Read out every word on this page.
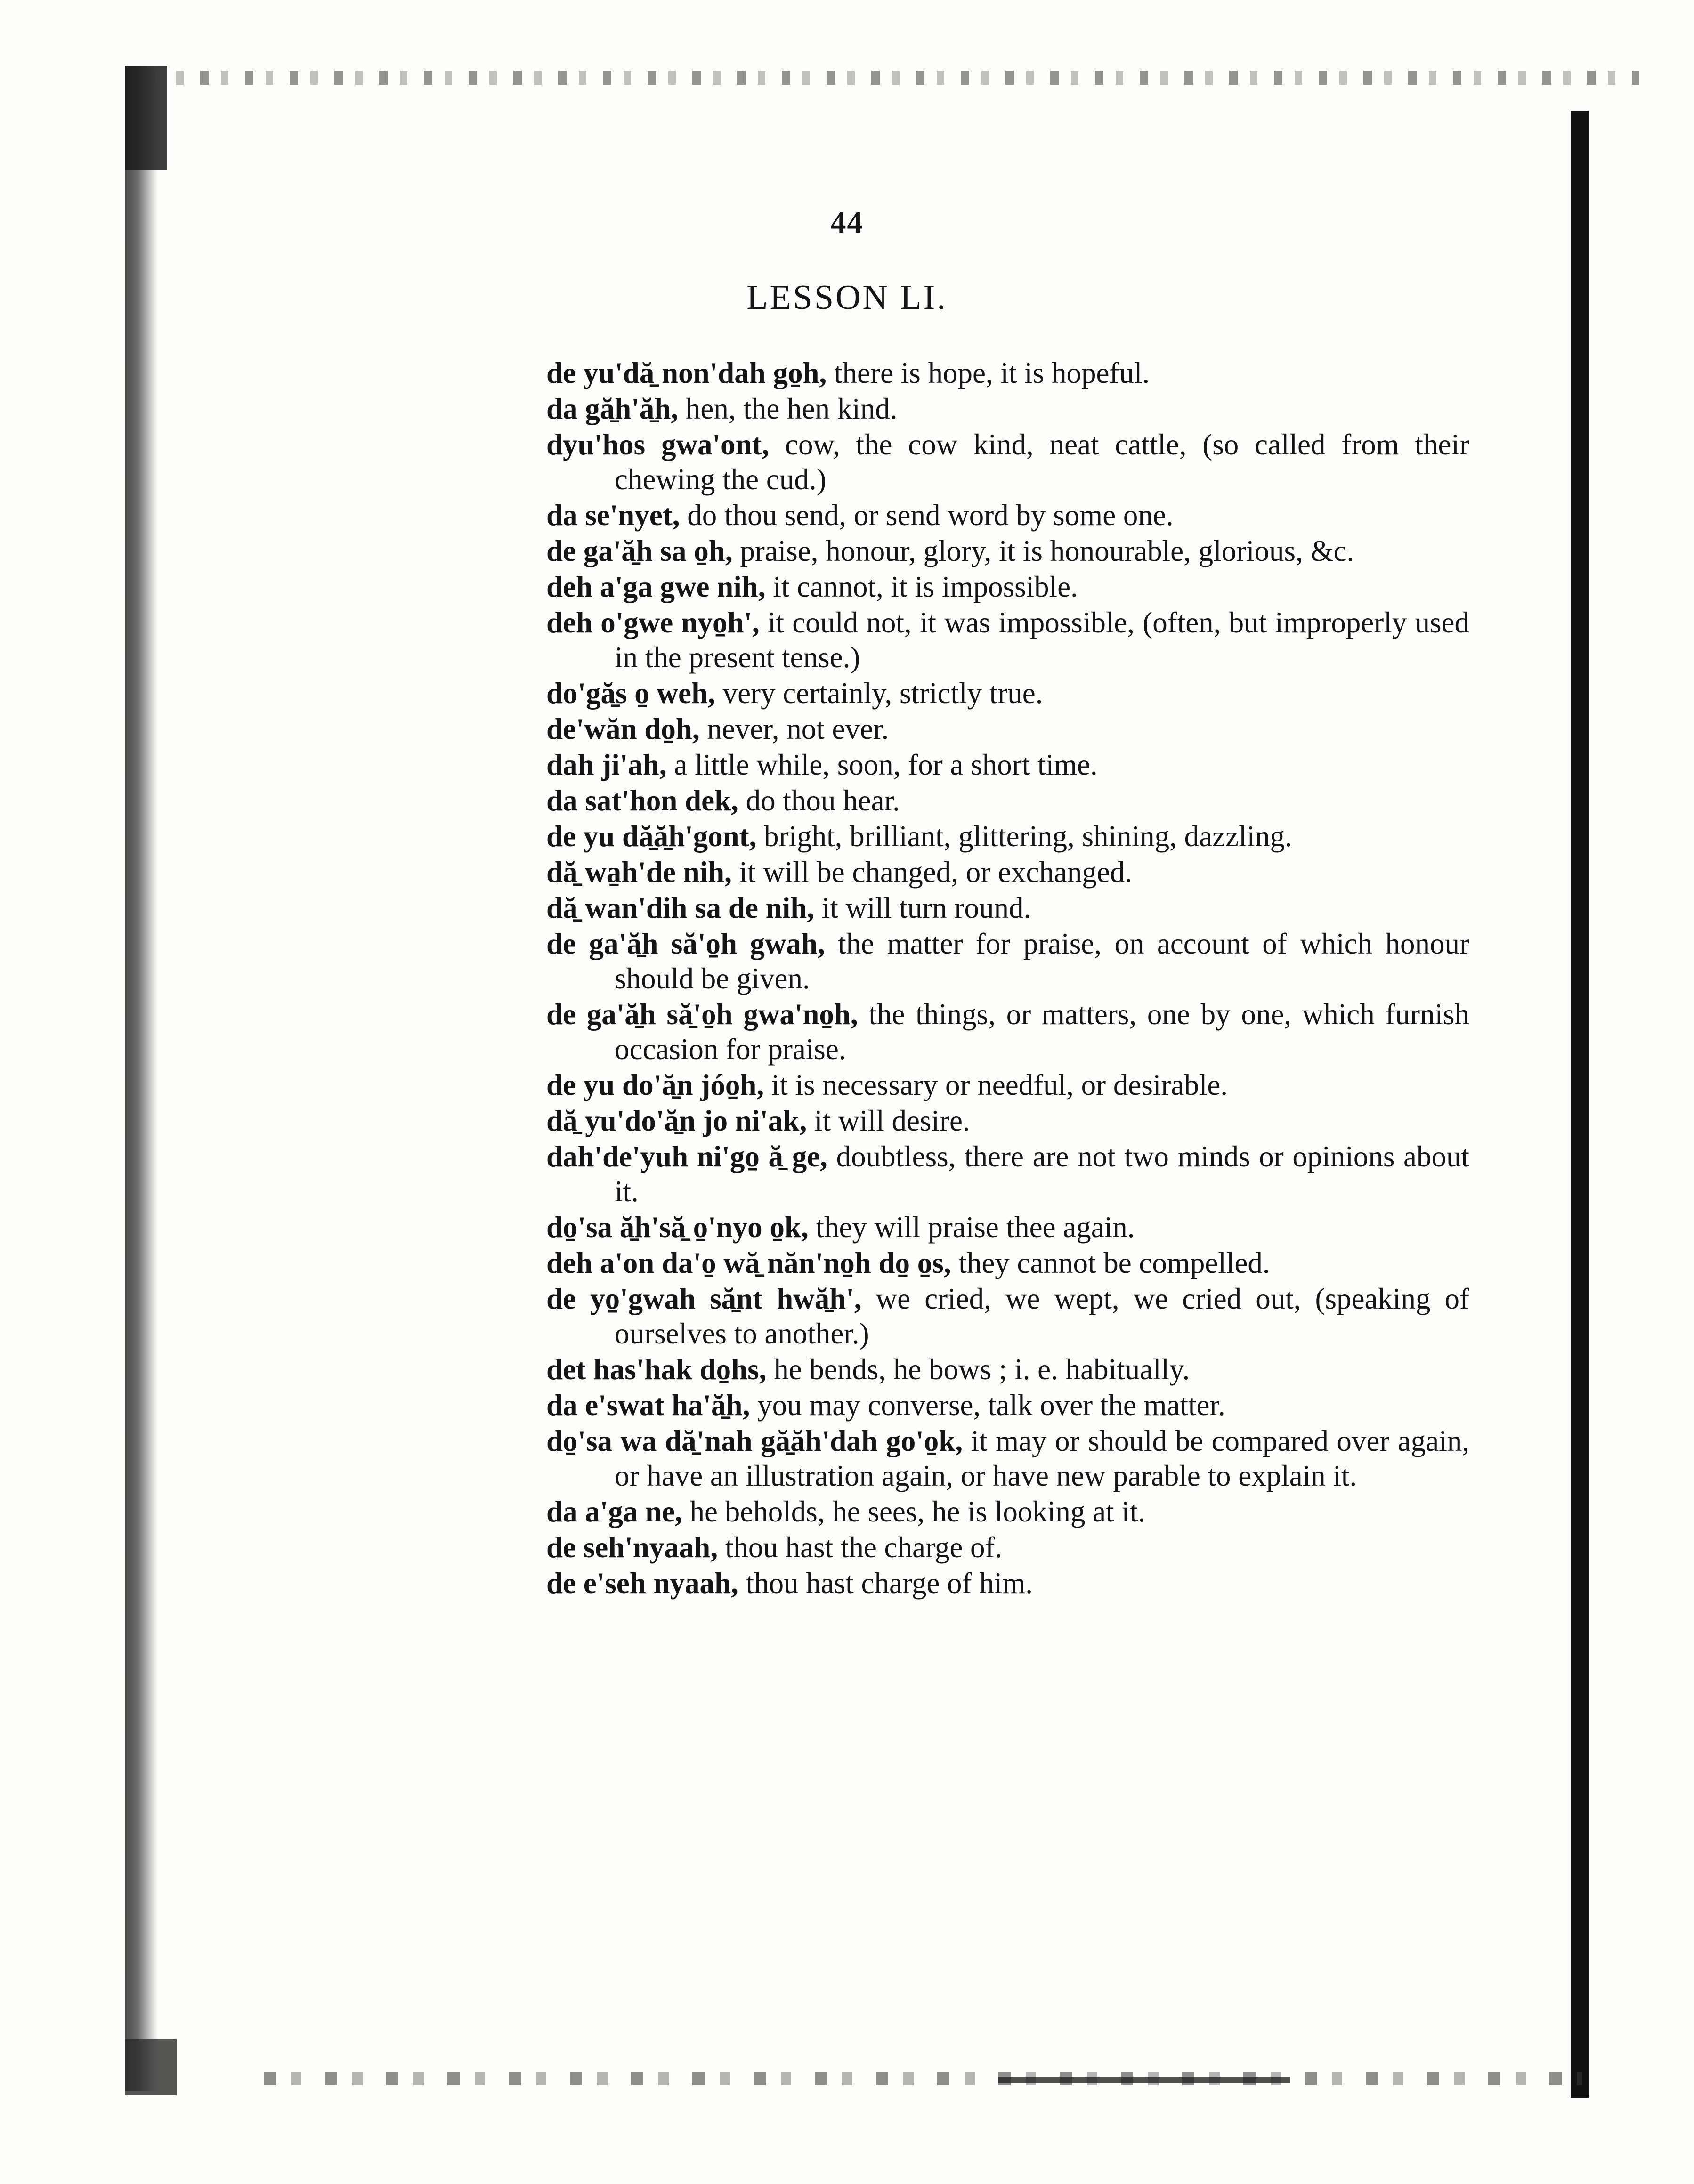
44
LESSON LI.
de yu'dă̱ non'dah go̱h, there is hope, it is hopeful.
da gă̱h'ă̱h, hen, the hen kind.
dyu'hos gwa'ont, cow, the cow kind, neat cattle, (so called from their chewing the cud.)
da se'nyet, do thou send, or send word by some one.
de ga'ă̱h sa o̱h, praise, honour, glory, it is honourable, glorious, &c.
deh a'ga gwe nih, it cannot, it is impossible.
deh o'gwe nyo̱h', it could not, it was impossible, (often, but improperly used in the present tense.)
do'gă̱s o̱ weh, very certainly, strictly true.
de'wăn do̱h, never, not ever.
dah ji'ah, a little while, soon, for a short time.
da sat'hon dek, do thou hear.
de yu dă̱ă̱h'gont, bright, brilliant, glittering, shining, dazzling.
dă̱ wa̱h'de nih, it will be changed, or exchanged.
dă̱ wan'dih sa de nih, it will turn round.
de ga'ă̱h să'o̱h gwah, the matter for praise, on account of which honour should be given.
de ga'ă̱h să̱'o̱h gwa'no̱h, the things, or matters, one by one, which furnish occasion for praise.
de yu do'ă̱n jóo̱h, it is necessary or needful, or desirable.
dă̱ yu'do'ă̱n jo ni'ak, it will desire.
dah'de'yuh ni'go̱ ă̱ ge, doubtless, there are not two minds or opinions about it.
do̱'sa ă̱h'să̱ o̱'nyo o̱k, they will praise thee again.
deh a'on da'o̱ wă̱ năn'no̱h do̱ o̱s, they cannot be compelled.
de yo̱'gwah să̱nt hwă̱h', we cried, we wept, we cried out, (speaking of ourselves to another.)
det has'hak do̱hs, he bends, he bows ; i. e. habitually.
da e'swat ha'ă̱h, you may converse, talk over the matter.
do̱'sa wa dă̱'nah gă̱ăh'dah go'o̱k, it may or should be compared over again, or have an illustration again, or have new parable to explain it.
da a'ga ne, he beholds, he sees, he is looking at it.
de seh'nyaah, thou hast the charge of.
de e'seh nyaah, thou hast charge of him.
